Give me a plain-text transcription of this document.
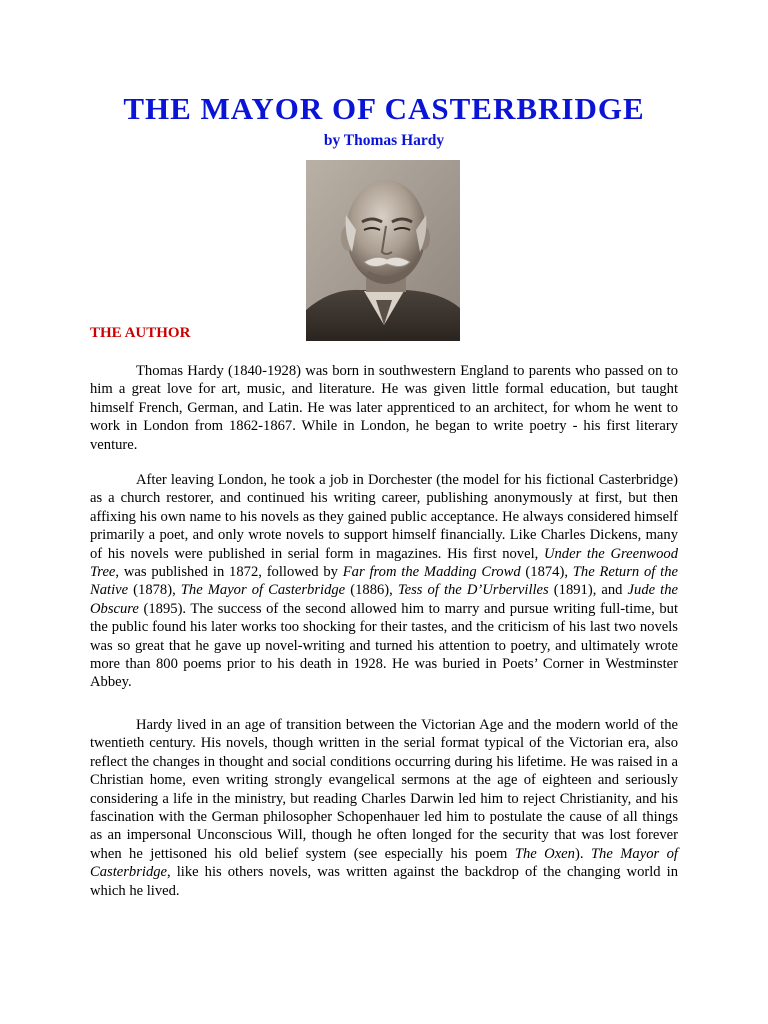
THE MAYOR OF CASTERBRIDGE
by Thomas Hardy
THE AUTHOR

Thomas Hardy (1840-1928) was born in southwestern England to parents who passed on to him a great love for art, music, and literature. He was given little formal education, but taught himself French, German, and Latin. He was later apprenticed to an architect, for whom he went to work in London from 1862-1867. While in London, he began to write poetry - his first literary venture.

After leaving London, he took a job in Dorchester (the model for his fictional Casterbridge) as a church restorer, and continued his writing career, publishing anonymously at first, but then affixing his own name to his novels as they gained public acceptance. He always considered himself primarily a poet, and only wrote novels to support himself financially. Like Charles Dickens, many of his novels were published in serial form in magazines. His first novel, Under the Greenwood Tree, was published in 1872, followed by Far from the Madding Crowd (1874), The Return of the Native (1878), The Mayor of Casterbridge (1886), Tess of the D’Urbervilles (1891), and Jude the Obscure (1895). The success of the second allowed him to marry and pursue writing full-time, but the public found his later works too shocking for their tastes, and the criticism of his last two novels was so great that he gave up novel-writing and turned his attention to poetry, and ultimately wrote more than 800 poems prior to his death in 1928. He was buried in Poets’ Corner in Westminster Abbey.

Hardy lived in an age of transition between the Victorian Age and the modern world of the twentieth century. His novels, though written in the serial format typical of the Victorian era, also reflect the changes in thought and social conditions occurring during his lifetime. He was raised in a Christian home, even writing strongly evangelical sermons at the age of eighteen and seriously considering a life in the ministry, but reading Charles Darwin led him to reject Christianity, and his fascination with the German philosopher Schopenhauer led him to postulate the cause of all things as an impersonal Unconscious Will, though he often longed for the security that was lost forever when he jettisoned his old belief system (see especially his poem The Oxen). The Mayor of Casterbridge, like his others novels, was written against the backdrop of the changing world in which he lived.
